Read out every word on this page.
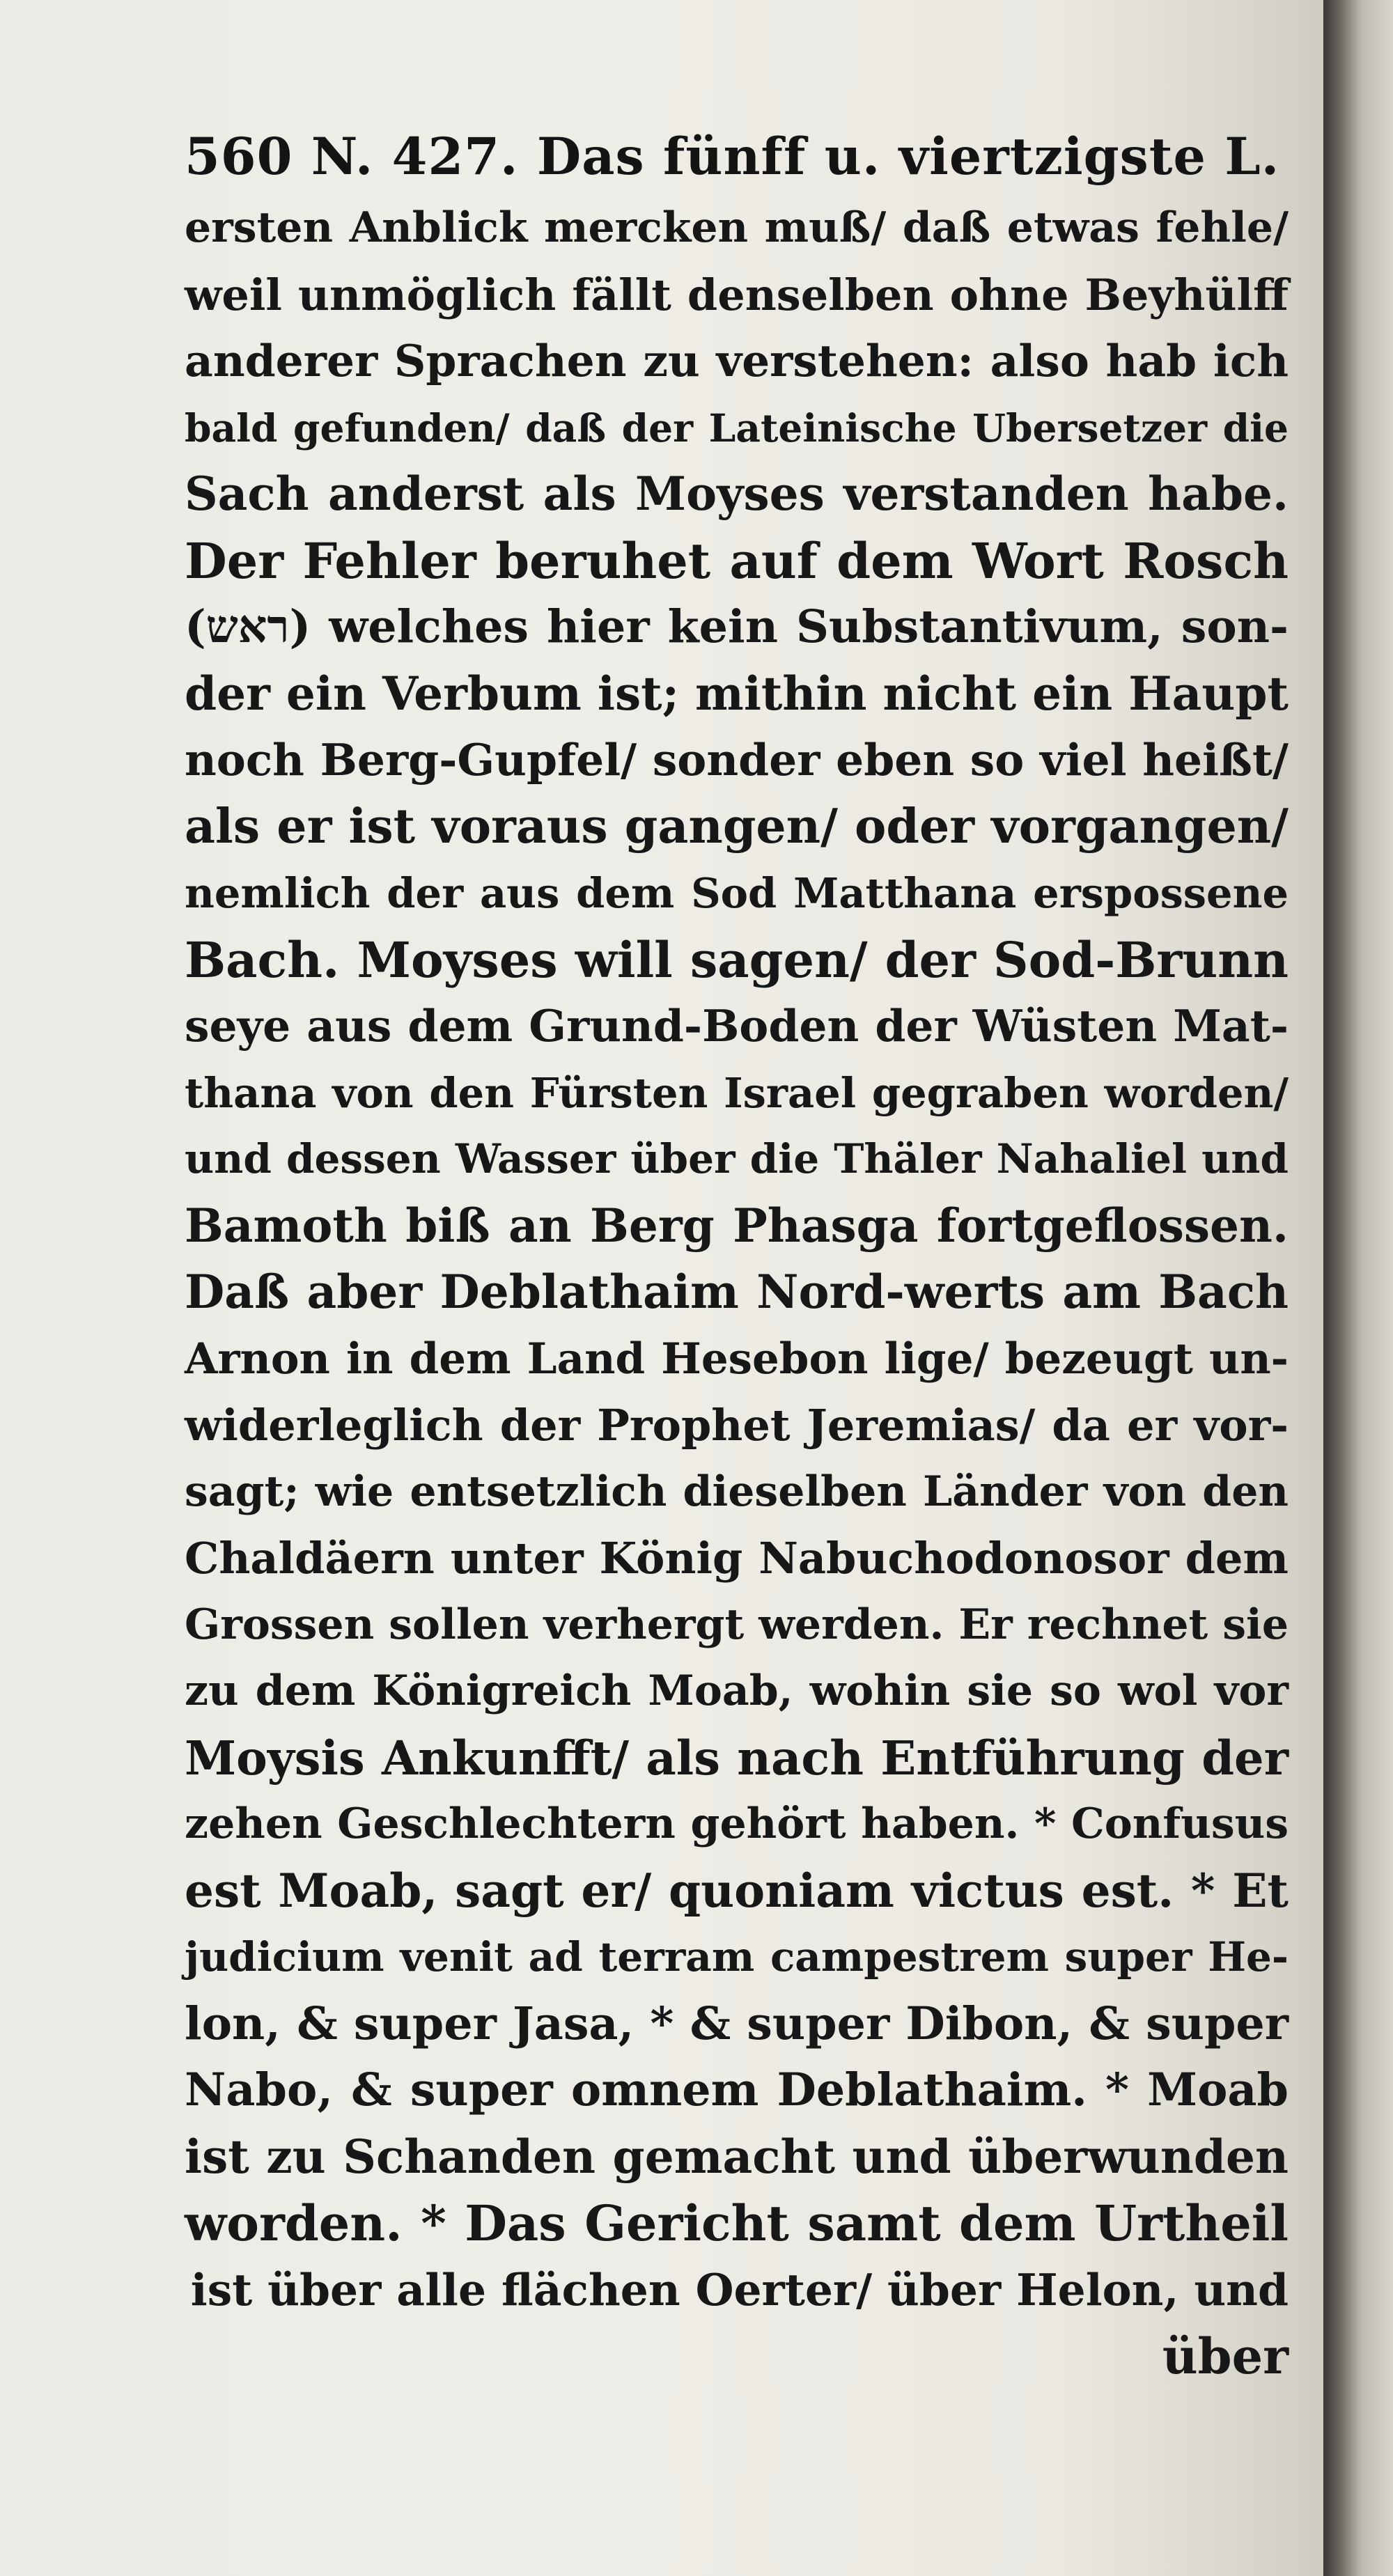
560 N. 427. Das fünff u. viertzigste L.
ersten Anblick mercken muß/ daß etwas fehle/
weil unmöglich fällt denselben ohne Beyhülff
anderer Sprachen zu verstehen: also hab ich
bald gefunden/ daß der Lateinische Ubersetzer die
Sach anderst als Moyses verstanden habe.
Der Fehler beruhet auf dem Wort Rosch
(ראש) welches hier kein Substantivum, son-
der ein Verbum ist; mithin nicht ein Haupt
noch Berg-Gupfel/ sonder eben so viel heißt/
als er ist voraus gangen/ oder vorgangen/
nemlich der aus dem Sod Matthana erspossene
Bach. Moyses will sagen/ der Sod-Brunn
seye aus dem Grund-Boden der Wüsten Mat-
thana von den Fürsten Israel gegraben worden/
und dessen Wasser über die Thäler Nahaliel und
Bamoth biß an Berg Phasga fortgeflossen.
Daß aber Deblathaim Nord-werts am Bach
Arnon in dem Land Hesebon lige/ bezeugt un-
widerleglich der Prophet Jeremias/ da er vor-
sagt; wie entsetzlich dieselben Länder von den
Chaldäern unter König Nabuchodonosor dem
Grossen sollen verhergt werden. Er rechnet sie
zu dem Königreich Moab, wohin sie so wol vor
Moysis Ankunfft/ als nach Entführung der
zehen Geschlechtern gehört haben. * Confusus
est Moab, sagt er/ quoniam victus est. * Et
judicium venit ad terram campestrem super He-
lon, & super Jasa, * & super Dibon, & super
Nabo, & super omnem Deblathaim. * Moab
ist zu Schanden gemacht und überwunden
worden. * Das Gericht samt dem Urtheil
ist über alle flächen Oerter/ über Helon, und
über
